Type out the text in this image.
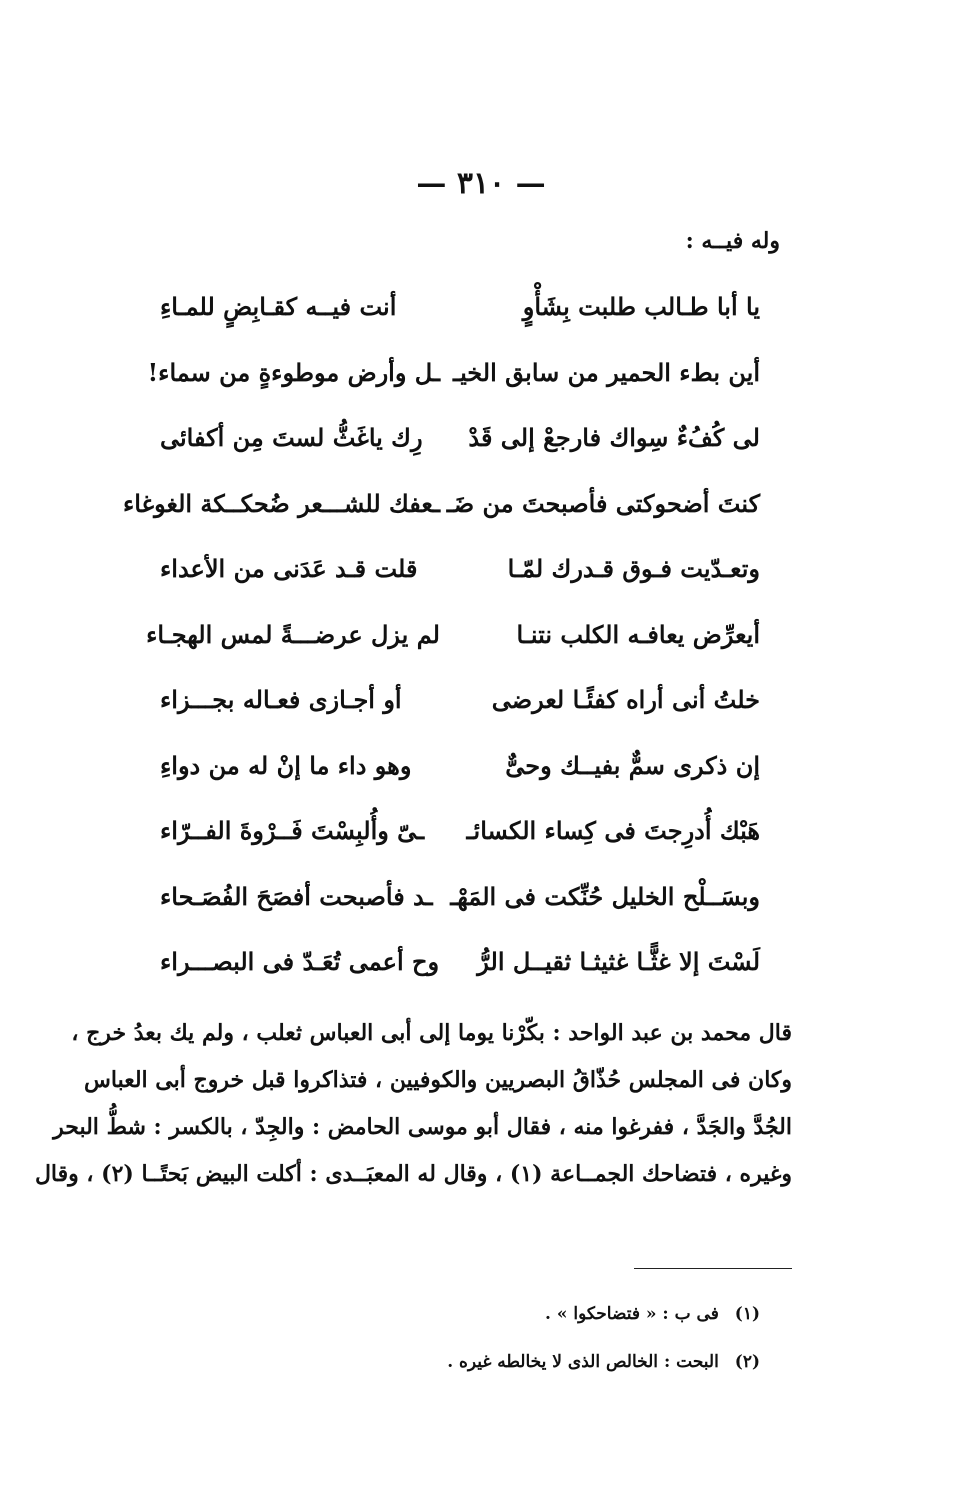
— ٣١٠ —
وله فيــه :
يا أبا طـالب طلبت بِشَأْوٍ
أنت فيــه كقـابِضٍ للمـاءِ
أين بطء الحمير من سابق الخيـ
ـل وأرض موطوءةٍ من سماء!
لى كُفُءٌ سِواك فارجعْ إلى قَدْ
رِك ياغَثُّ لستَ مِن أكفائى
كنتَ أضحوكتى فأصبحتَ من ضَـ
ـعفك للشـــعر ضُحكــكة الغوغاء
وتعـدّيت فـوق قـدرك لمّـا
قلت قـد عَدَنى من الأعداء
أيعرِّض يعافـه الكلب نتنـا
لم يزل عرضـــةً لمس الهجـاء
خلتُ أنى أراه كفئًـا لعرضى
أو أجـازى فعـاله بجـــزاء
إن ذكرى سمٌّ بفيــك وحىٌّ
وهو داء ما إنْ له من دواءِ
هَبْك أُدرِجتَ فى كِساء الكسائـ
ـىّ وأُلبِسْتَ فَــرْوةَ الفــرّاء
وبسَــلْح الخليل حُنِّكت فى المَهْـ
ـد فأصبحت أفصَحَ الفُصَـحاء
لَسْتَ إلا غثًّـا غثيثـا ثقيــل الرُّ
وح أعمى تُعَـدّ فى البصـــراء
قال محمد بن عبد الواحد : بكّرْنا يوما إلى أبى العباس ثعلب ، ولم يك بعدُ خرج ،
وكان فى المجلس حُذّاقُ البصريين والكوفيين ، فتذاكروا قبل خروج أبى العباس
الجُدَّ والجَدَّ ، ففرغوا منه ، فقال أبو موسى الحامض : والجِدّ ، بالكسر : شطُّ البحر
وغيره ، فتضاحك الجمــاعة (١) ، وقال له المعبَــدى : أكلت البيض بَحتًــا (٢) ، وقال
(١) فى ب : « فتضاحكوا » .
(٢) البحت : الخالص الذى لا يخالطه غيره .
